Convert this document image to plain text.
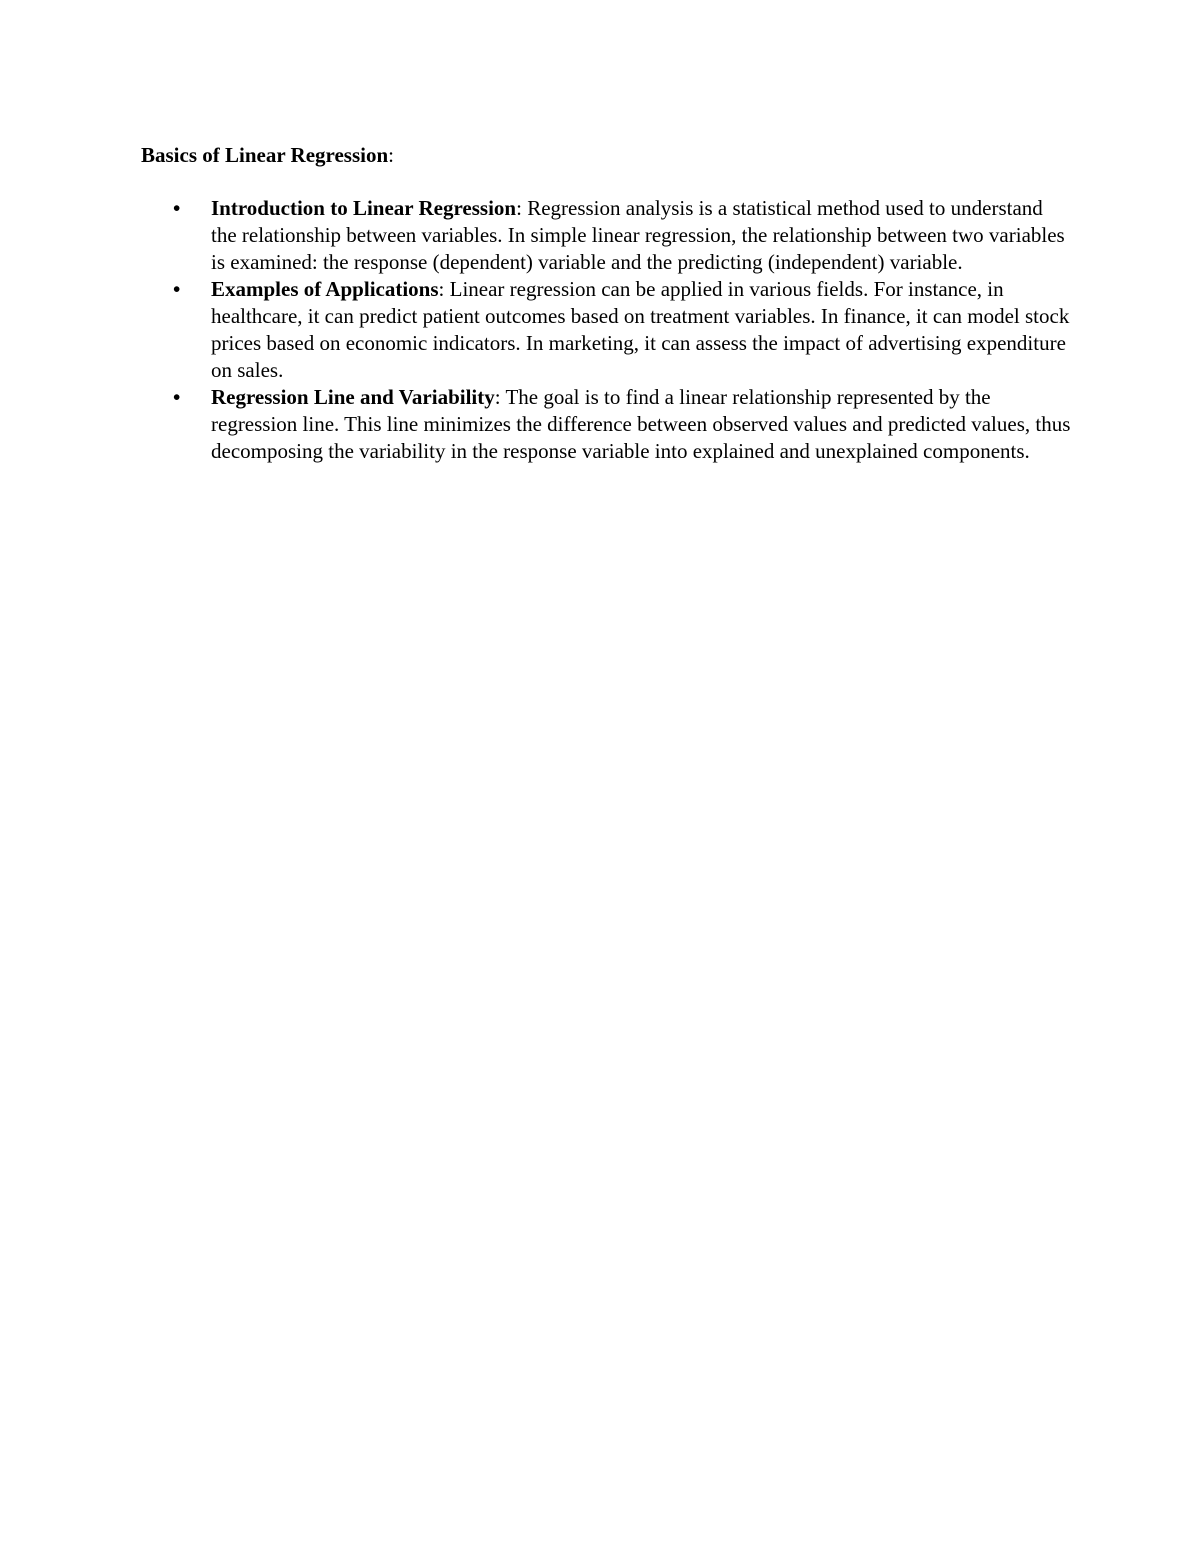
Basics of Linear Regression:

• Introduction to Linear Regression: Regression analysis is a statistical method used to understand the relationship between variables. In simple linear regression, the relationship between two variables is examined: the response (dependent) variable and the predicting (independent) variable.
• Examples of Applications: Linear regression can be applied in various fields. For instance, in healthcare, it can predict patient outcomes based on treatment variables. In finance, it can model stock prices based on economic indicators. In marketing, it can assess the impact of advertising expenditure on sales.
• Regression Line and Variability: The goal is to find a linear relationship represented by the regression line. This line minimizes the difference between observed values and predicted values, thus decomposing the variability in the response variable into explained and unexplained components.
